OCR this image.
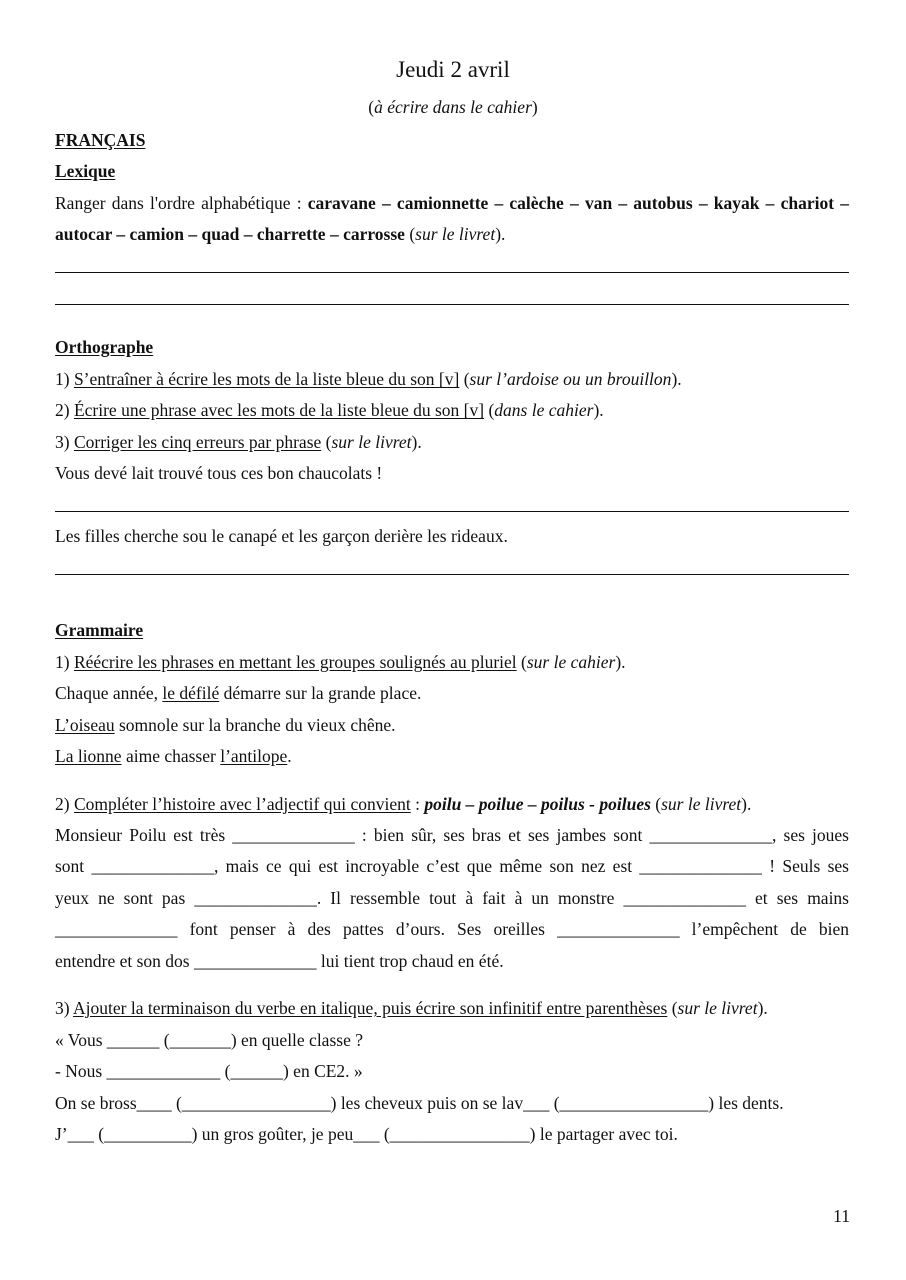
Jeudi 2 avril
(à écrire dans le cahier)
FRANÇAIS
Lexique
Ranger dans l'ordre alphabétique : caravane – camionnette – calèche – van – autobus – kayak – chariot –
autocar – camion – quad – charrette – carrosse (sur le livret).
Orthographe
1) S’entraîner à écrire les mots de la liste bleue du son [v] (sur l’ardoise ou un brouillon).
2) Écrire une phrase avec les mots de la liste bleue du son [v] (dans le cahier).
3) Corriger les cinq erreurs par phrase (sur le livret).
Vous devé lait trouvé tous ces bon chaucolats !
Les filles cherche sou le canapé et les garçon derière les rideaux.
Grammaire
1) Réécrire les phrases en mettant les groupes soulignés au pluriel (sur le cahier).
Chaque année, le défilé démarre sur la grande place.
L’oiseau somnole sur la branche du vieux chêne.
La lionne aime chasser l’antilope.
2) Compléter l’histoire avec l’adjectif qui convient : poilu – poilue – poilus - poilues (sur le livret).
Monsieur Poilu est très ______________ : bien sûr, ses bras et ses jambes sont ______________, ses joues
sont ______________, mais ce qui est incroyable c’est que même son nez est ______________ ! Seuls ses
yeux ne sont pas ______________. Il ressemble tout à fait à un monstre ______________ et ses mains
______________ font penser à des pattes d’ours. Ses oreilles ______________ l’empêchent de bien
entendre et son dos ______________ lui tient trop chaud en été.
3) Ajouter la terminaison du verbe en italique, puis écrire son infinitif entre parenthèses (sur le livret).
« Vous ______ (_______) en quelle classe ?
- Nous _____________ (______) en CE2. »
On se bross____ (_________________) les cheveux puis on se lav___ (_________________) les dents.
J’___ (__________) un gros goûter, je peu___ (________________) le partager avec toi.
11
